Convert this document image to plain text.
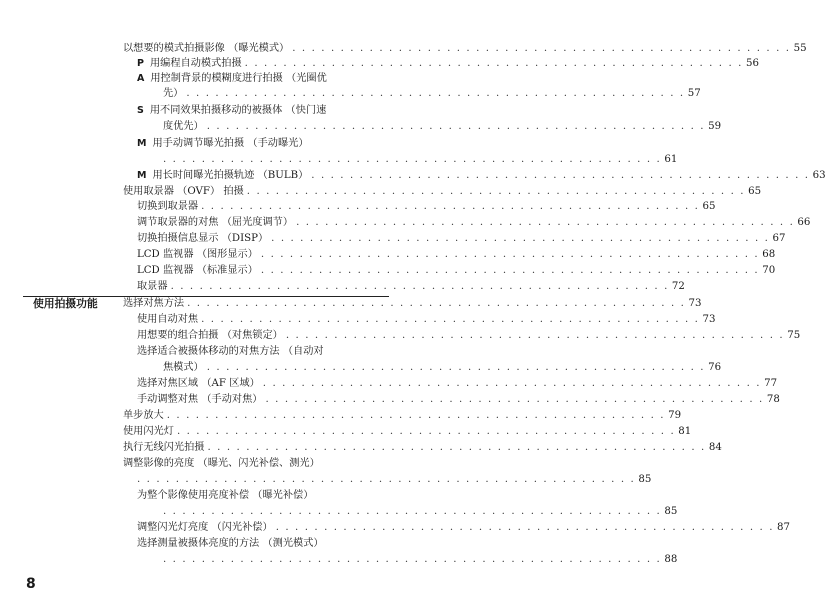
以想要的模式拍摄影像 （曝光模式） . . . . . . . . . . . . . . . . . . . . . . . . . . . . . . . . . . . . . . . . . . . . . . . . . . . . 55
P 用编程自动模式拍摄 . . . . . . . . . . . . . . . . . . . . . . . . . . . . . . . . . . . . . . . . . . . . . . . . . . . . 56
A 用控制背景的模糊度进行拍摄 （光圈优
先） . . . . . . . . . . . . . . . . . . . . . . . . . . . . . . . . . . . . . . . . . . . . . . . . . . . . 57
S 用不同效果拍摄移动的被摄体 （快门速
度优先） . . . . . . . . . . . . . . . . . . . . . . . . . . . . . . . . . . . . . . . . . . . . . . . . . . . . 59
M 用手动调节曝光拍摄 （手动曝光）
. . . . . . . . . . . . . . . . . . . . . . . . . . . . . . . . . . . . . . . . . . . . . . . . . . . . 61
M 用长时间曝光拍摄轨迹 （BULB） . . . . . . . . . . . . . . . . . . . . . . . . . . . . . . . . . . . . . . . . . . . . . . . . . . . . 63
使用取景器 （OVF） 拍摄 . . . . . . . . . . . . . . . . . . . . . . . . . . . . . . . . . . . . . . . . . . . . . . . . . . . . 65
切换到取景器 . . . . . . . . . . . . . . . . . . . . . . . . . . . . . . . . . . . . . . . . . . . . . . . . . . . . 65
调节取景器的对焦 （屈光度调节） . . . . . . . . . . . . . . . . . . . . . . . . . . . . . . . . . . . . . . . . . . . . . . . . . . . . 66
切换拍摄信息显示 （DISP） . . . . . . . . . . . . . . . . . . . . . . . . . . . . . . . . . . . . . . . . . . . . . . . . . . . . 67
LCD 监视器 （图形显示） . . . . . . . . . . . . . . . . . . . . . . . . . . . . . . . . . . . . . . . . . . . . . . . . . . . . 68
LCD 监视器 （标准显示） . . . . . . . . . . . . . . . . . . . . . . . . . . . . . . . . . . . . . . . . . . . . . . . . . . . . 70
取景器 . . . . . . . . . . . . . . . . . . . . . . . . . . . . . . . . . . . . . . . . . . . . . . . . . . . . 72
使用拍摄功能 选择对焦方法 . . . . . . . . . . . . . . . . . . . . . . . . . . . . . . . . . . . . . . . . . . . . . . . . . . . . 73
使用自动对焦 . . . . . . . . . . . . . . . . . . . . . . . . . . . . . . . . . . . . . . . . . . . . . . . . . . . . 73
用想要的组合拍摄 （对焦锁定） . . . . . . . . . . . . . . . . . . . . . . . . . . . . . . . . . . . . . . . . . . . . . . . . . . . . 75
选择适合被摄体移动的对焦方法 （自动对
焦模式） . . . . . . . . . . . . . . . . . . . . . . . . . . . . . . . . . . . . . . . . . . . . . . . . . . . . 76
选择对焦区域 （AF 区域） . . . . . . . . . . . . . . . . . . . . . . . . . . . . . . . . . . . . . . . . . . . . . . . . . . . . 77
手动调整对焦 （手动对焦） . . . . . . . . . . . . . . . . . . . . . . . . . . . . . . . . . . . . . . . . . . . . . . . . . . . . 78
单步放大 . . . . . . . . . . . . . . . . . . . . . . . . . . . . . . . . . . . . . . . . . . . . . . . . . . . . 79
使用闪光灯 . . . . . . . . . . . . . . . . . . . . . . . . . . . . . . . . . . . . . . . . . . . . . . . . . . . . 81
执行无线闪光拍摄 . . . . . . . . . . . . . . . . . . . . . . . . . . . . . . . . . . . . . . . . . . . . . . . . . . . . 84
调整影像的亮度 （曝光、闪光补偿、测光）
. . . . . . . . . . . . . . . . . . . . . . . . . . . . . . . . . . . . . . . . . . . . . . . . . . . . 85
为整个影像使用亮度补偿 （曝光补偿）
. . . . . . . . . . . . . . . . . . . . . . . . . . . . . . . . . . . . . . . . . . . . . . . . . . . . 85
调整闪光灯亮度 （闪光补偿） . . . . . . . . . . . . . . . . . . . . . . . . . . . . . . . . . . . . . . . . . . . . . . . . . . . . 87
选择测量被摄体亮度的方法 （测光模式）
. . . . . . . . . . . . . . . . . . . . . . . . . . . . . . . . . . . . . . . . . . . . . . . . . . . . 88
8
